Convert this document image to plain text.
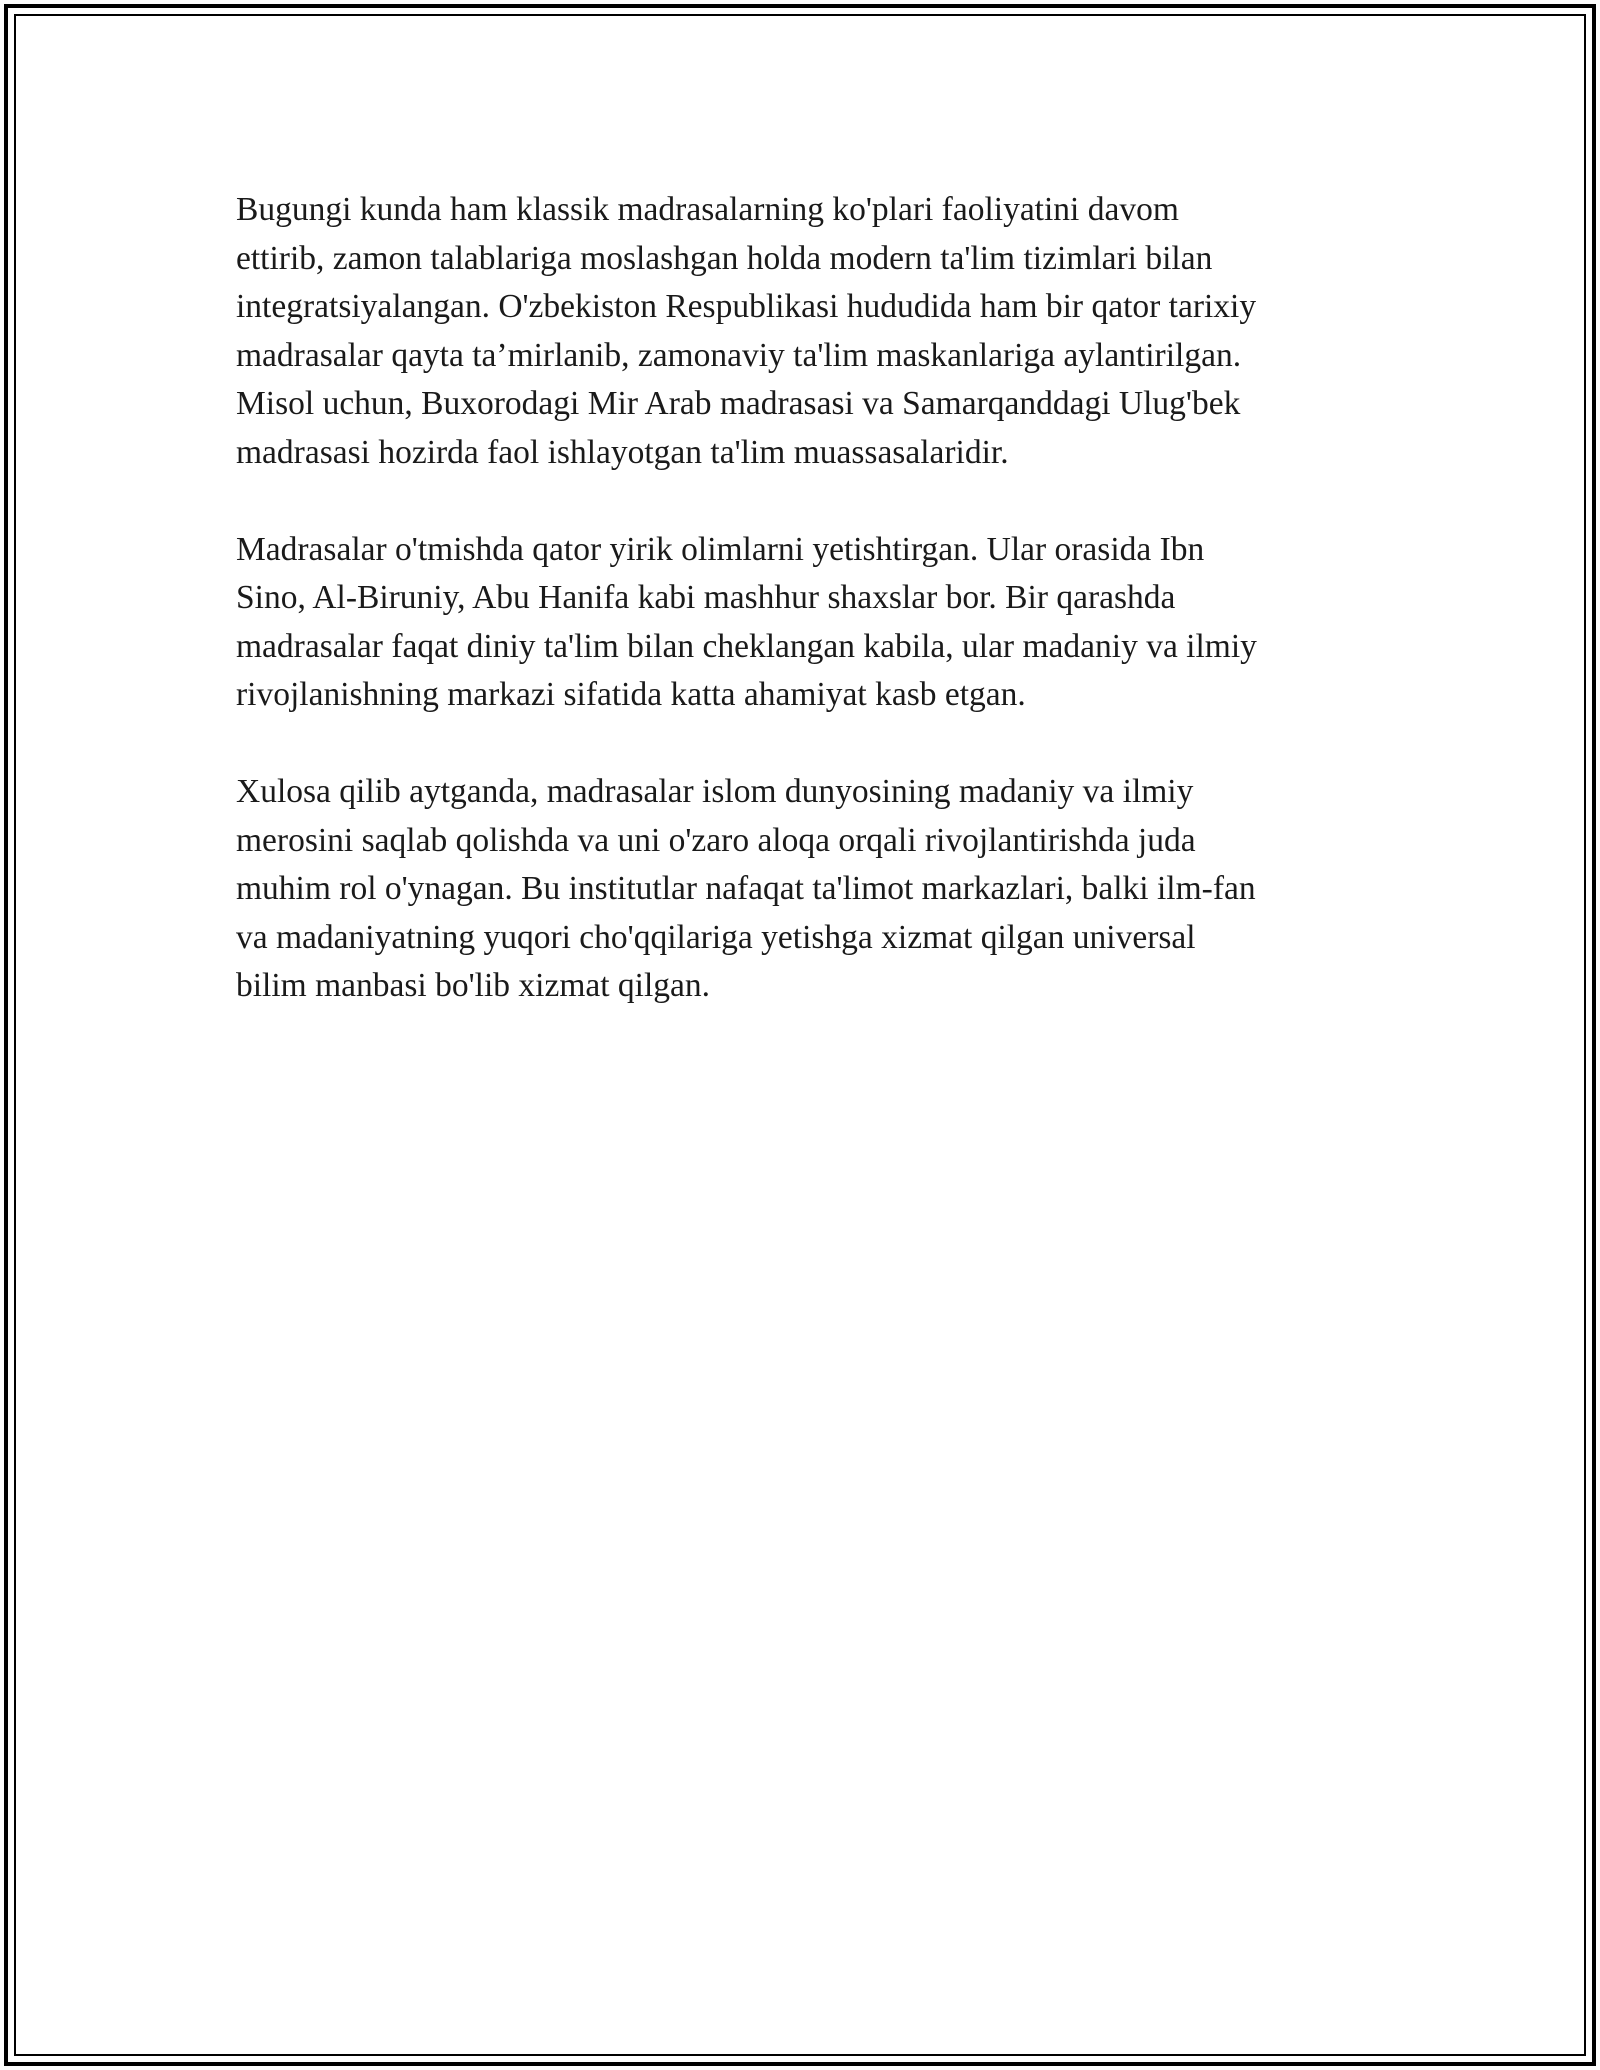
Bugungi kunda ham klassik madrasalarning ko'plari faoliyatini davom
ettirib, zamon talablariga moslashgan holda modern ta'lim tizimlari bilan
integratsiyalangan. O'zbekiston Respublikasi hududida ham bir qator tarixiy
madrasalar qayta ta’mirlanib, zamonaviy ta'lim maskanlariga aylantirilgan.
Misol uchun, Buxorodagi Mir Arab madrasasi va Samarqanddagi Ulug'bek
madrasasi hozirda faol ishlayotgan ta'lim muassasalaridir.

Madrasalar o'tmishda qator yirik olimlarni yetishtirgan. Ular orasida Ibn
Sino, Al-Biruniy, Abu Hanifa kabi mashhur shaxslar bor. Bir qarashda
madrasalar faqat diniy ta'lim bilan cheklangan kabila, ular madaniy va ilmiy
rivojlanishning markazi sifatida katta ahamiyat kasb etgan.

Xulosa qilib aytganda, madrasalar islom dunyosining madaniy va ilmiy
merosini saqlab qolishda va uni o'zaro aloqa orqali rivojlantirishda juda
muhim rol o'ynagan. Bu institutlar nafaqat ta'limot markazlari, balki ilm-fan
va madaniyatning yuqori cho'qqilariga yetishga xizmat qilgan universal
bilim manbasi bo'lib xizmat qilgan.
